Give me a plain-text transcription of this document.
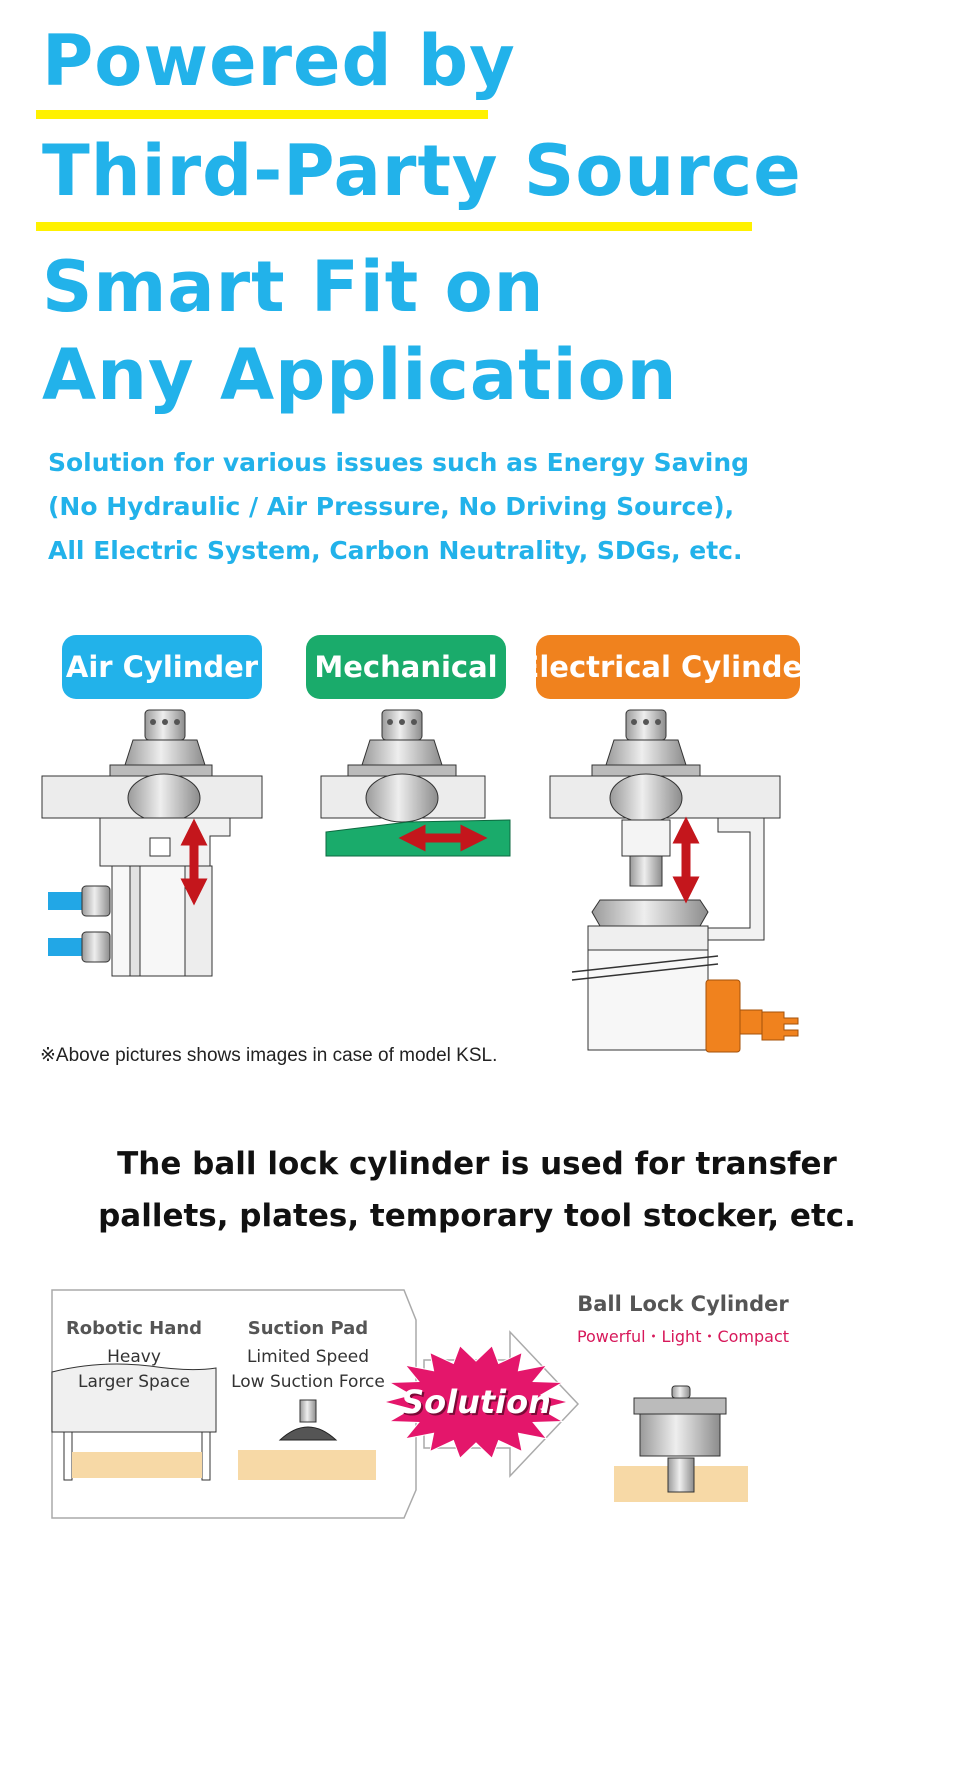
Powered by
Third-Party Source
Smart Fit on
Any Application
Solution for various issues such as Energy Saving
(No Hydraulic / Air Pressure, No Driving Source),
All Electric System, Carbon Neutrality, SDGs, etc.
Air Cylinder Mechanical Electrical Cylinder
※Above pictures shows images in case of model KSL.
The ball lock cylinder is used for transfer
pallets, plates, temporary tool stocker, etc.
Robotic Hand
Heavy
Larger Space
Suction Pad
Limited Speed
Low Suction Force
Solution
Ball Lock Cylinder
Powerful・Light・Compact
